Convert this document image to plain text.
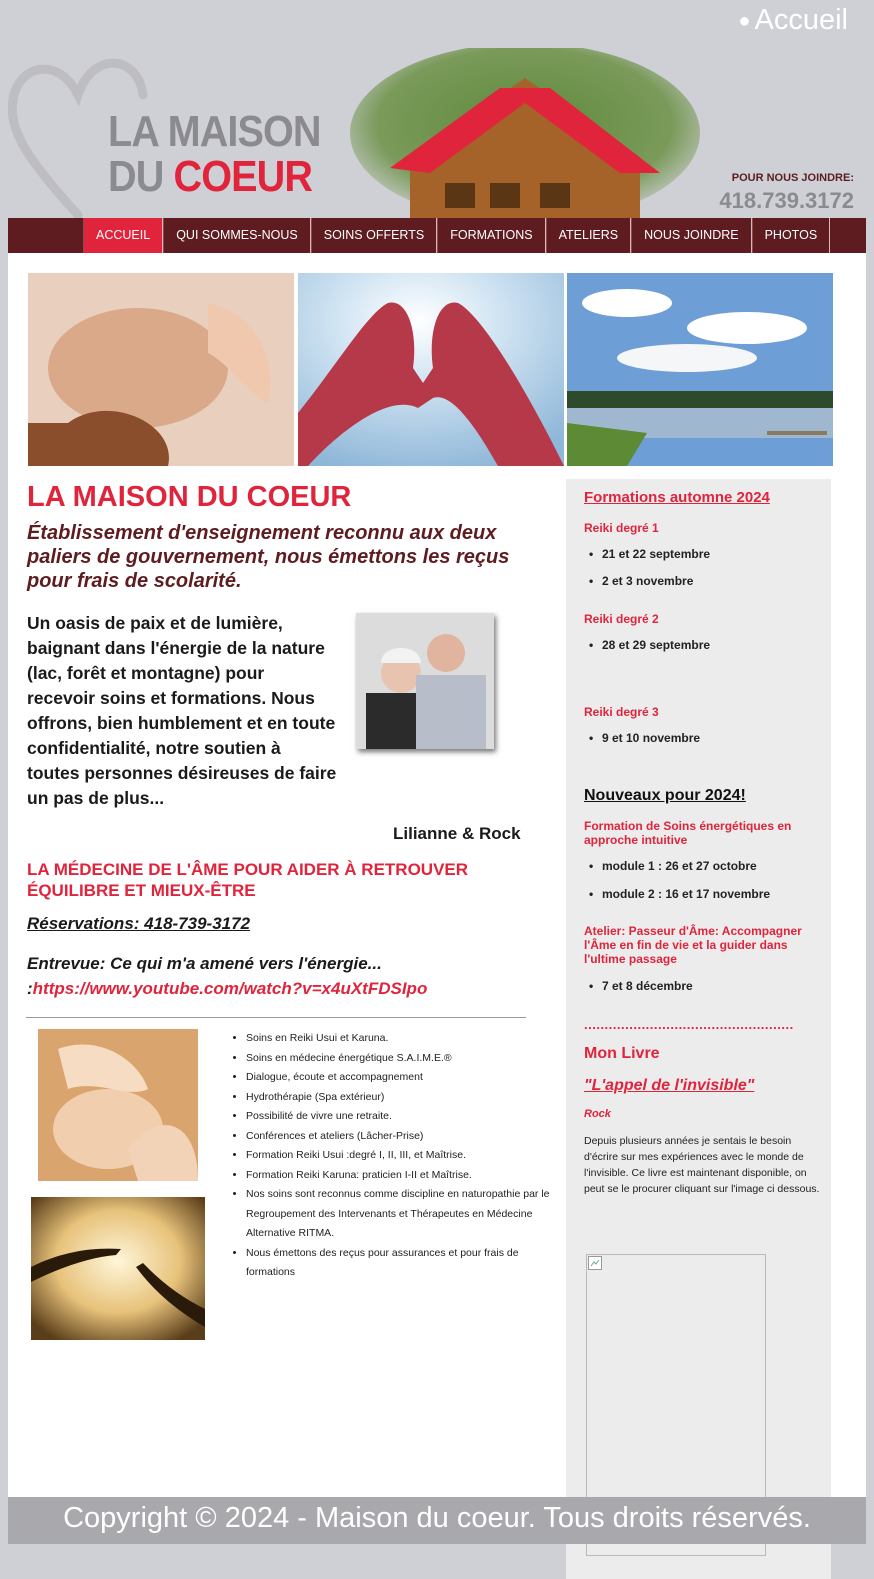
● Accueil
LA MAISON
DU COEUR	POUR NOUS JOINDRE:
418.739.3172
ACCUEIL	QUI SOMMES-NOUS	SOINS OFFERTS	FORMATIONS	ATELIERS	NOUS JOINDRE	PHOTOS
LA MAISON DU COEUR
Établissement d'enseignement reconnu aux deux paliers de gouvernement, nous émettons les reçus pour frais de scolarité.
Un oasis de paix et de lumière, baignant dans l'énergie de la nature (lac, forêt et montagne) pour recevoir soins et formations. Nous offrons, bien humblement et en toute confidentialité, notre soutien à toutes personnes désireuses de faire un pas de plus...
Lilianne & Rock
LA MÉDECINE DE L'ÂME POUR AIDER À RETROUVER ÉQUILIBRE ET MIEUX-ÊTRE
Réservations: 418-739-3172
Entrevue: Ce qui m'a amené vers l'énergie... :https://www.youtube.com/watch?v=x4uXtFDSIpo
• Soins en Reiki Usui et Karuna.
• Soins en médecine énergétique S.A.I.M.E.®
• Dialogue, écoute et accompagnement
• Hydrothérapie (Spa extérieur)
• Possibilité de vivre une retraite.
• Conférences et ateliers (Lâcher-Prise)
• Formation Reiki Usui :degré I, II, III, et Maîtrise.
• Formation Reiki Karuna: praticien I-II et Maîtrise.
• Nos soins sont reconnus comme discipline en naturopathie par le Regroupement des Intervenants et Thérapeutes en Médecine Alternative RITMA.
• Nous émettons des reçus pour assurances et pour frais de formations
Formations automne 2024
Reiki degré 1
• 21 et 22 septembre
• 2 et 3 novembre
Reiki degré 2
• 28 et 29 septembre
Reiki degré 3
• 9 et 10 novembre
Nouveaux pour 2024!
Formation de Soins énergétiques en approche intuitive
• module 1 : 26 et 27 octobre
• module 2 : 16 et 17 novembre
Atelier: Passeur d'Âme: Accompagner l'Âme en fin de vie et la guider dans l'ultime passage
• 7 et 8 décembre
...................................................
Mon Livre
"L'appel de l'invisible"
Rock
Depuis plusieurs années je sentais le besoin d'écrire sur mes expériences avec le monde de l'invisible. Ce livre est maintenant disponible, on peut se le procurer cliquant sur l'image ci dessous.
Copyright © 2024 - Maison du coeur. Tous droits réservés.
